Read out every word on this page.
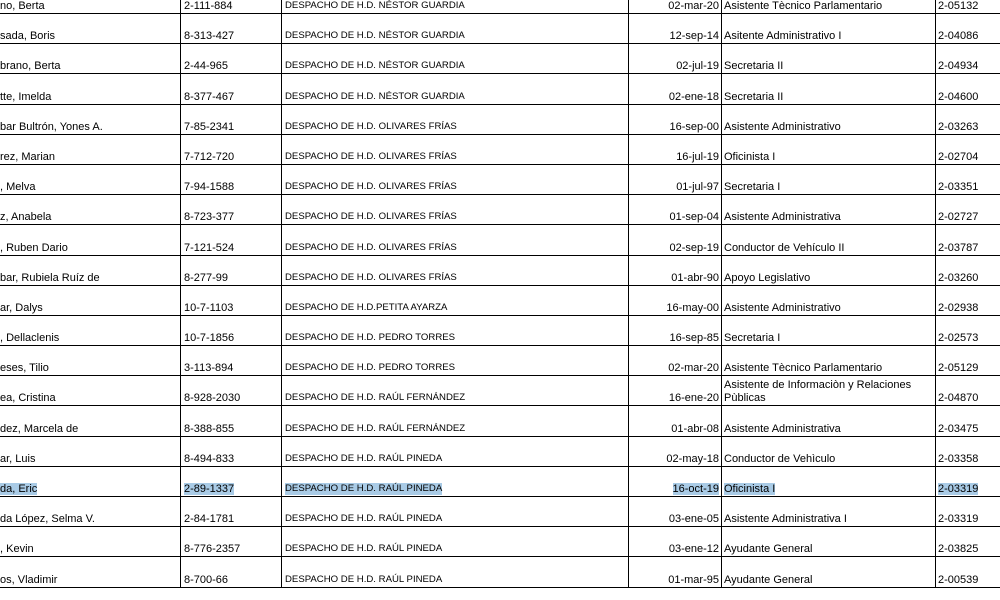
no, Berta	2-111-884	DESPACHO DE H.D. NÉSTOR GUARDIA	02-mar-20 Asistente Tècnico Parlamentario	2-05132
sada, Boris	8-313-427	DESPACHO DE H.D. NÉSTOR GUARDIA	12-sep-14 Asitente Administrativo I	2-04086
brano, Berta	2-44-965	DESPACHO DE H.D. NÉSTOR GUARDIA	02-jul-19 Secretaria II	2-04934
tte, Imelda	8-377-467	DESPACHO DE H.D. NÉSTOR GUARDIA	02-ene-18 Secretaria II	2-04600
bar Bultrón, Yones A.	7-85-2341	DESPACHO DE H.D. OLIVARES FRÍAS	16-sep-00 Asistente Administrativo	2-03263
rez, Marian	7-712-720	DESPACHO DE H.D. OLIVARES FRÍAS	16-jul-19 Oficinista I	2-02704
, Melva	7-94-1588	DESPACHO DE H.D. OLIVARES FRÍAS	01-jul-97 Secretaria I	2-03351
z, Anabela	8-723-377	DESPACHO DE H.D. OLIVARES FRÍAS	01-sep-04 Asistente Administrativa	2-02727
, Ruben Dario	7-121-524	DESPACHO DE H.D. OLIVARES FRÍAS	02-sep-19 Conductor de Vehículo II	2-03787
bar, Rubiela Ruíz de	8-277-99	DESPACHO DE H.D. OLIVARES FRÍAS	01-abr-90 Apoyo Legislativo	2-03260
ar, Dalys	10-7-1103	DESPACHO DE H.D.PETITA AYARZA	16-may-00 Asistente Administrativo	2-02938
, Dellaclenis	10-7-1856	DESPACHO DE H.D. PEDRO TORRES	16-sep-85 Secretaria I	2-02573
eses, Tilio	3-113-894	DESPACHO DE H.D. PEDRO TORRES	02-mar-20 Asistente Tècnico Parlamentario	2-05129
ea, Cristina	8-928-2030	DESPACHO DE H.D. RAÚL FERNÁNDEZ	16-ene-20
Asistente de Informaciòn y Relaciones Pùblicas	2-04870
dez, Marcela de	8-388-855	DESPACHO DE H.D. RAÚL FERNÁNDEZ	01-abr-08 Asistente Administrativa	2-03475
ar, Luis	8-494-833	DESPACHO DE H.D. RAÚL PINEDA	02-may-18 Conductor de Vehìculo	2-03358
da, Eric	2-89-1337	DESPACHO DE H.D. RAÚL PINEDA	16-oct-19 Oficinista I	2-03319
da López, Selma V.	2-84-1781	DESPACHO DE H.D. RAÚL PINEDA	03-ene-05 Asistente Administrativa I	2-03319
, Kevin	8-776-2357	DESPACHO DE H.D. RAÚL PINEDA	03-ene-12 Ayudante General	2-03825
os, Vladimir	8-700-66	DESPACHO DE H.D. RAÚL PINEDA	01-mar-95 Ayudante General	2-00539
